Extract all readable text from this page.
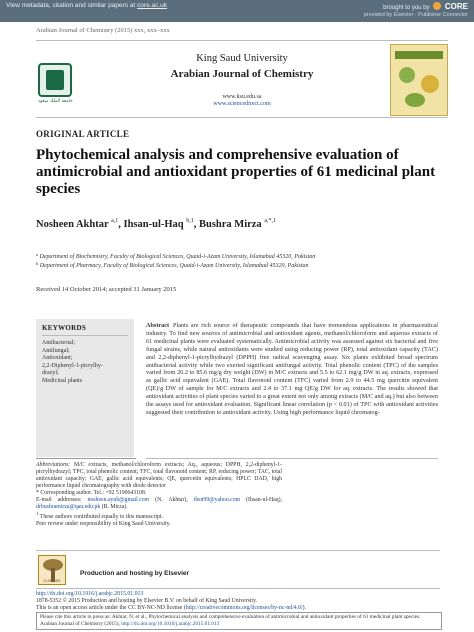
View metadata, citation and similar papers at core.ac.uk	brought to you by CORE
provided by Elsevier - Publisher Connector
Arabian Journal of Chemistry (2015) xxx, xxx–xxx
جامعة الملك سعود
King Saud University
Arabian Journal of Chemistry
www.ksu.edu.sa
www.sciencedirect.com
ORIGINAL ARTICLE
Phytochemical analysis and comprehensive evaluation of antimicrobial and antioxidant properties of 61 medicinal plant species
Nosheen Akhtar $^{a,1}$, Ihsan-ul-Haq $^{b,1}$, Bushra Mirza $^{a,*,1}$
$^a$ Department of Biochemistry, Faculty of Biological Sciences, Quaid-i-Azam University, Islamabad 45320, Pakistan
$^b$ Department of Pharmacy, Faculty of Biological Sciences, Quaid-i-Azam University, Islamabad 45320, Pakistan
Received 14 October 2014; accepted 31 January 2015
KEYWORDS
Antibacterial;
Antifungal;
Antioxidant;
2,2-Diphenyl-1-picrylhy-
drazyl;
Medicinal plants
Abstract Plants are rich source of therapeutic compounds that have tremendous applications in pharmaceutical industry. To find new sources of antimicrobial and antioxidant agents, methanol/chloroform and aqueous extracts of 61 medicinal plants were evaluated systematically. Antimicrobial activity was assessed against six bacterial and five fungal strains, while natural antioxidants were studied using reducing power (RP), total antioxidant capacity (TAC) and 2,2-diphenyl-1-picrylhydrazyl (DPPH) free radical scavenging assay. Six plants exhibited broad spectrum antibacterial activity while two exerted significant antifungal activity. Total phenolic content (TPC) of the samples varied from 20.2 to 85.6 mg/g dry weight (DW) in M/C extracts and 5.5 to 62.1 mg/g DW in aq. extracts, expressed as gallic acid equivalent (GAE). Total flavonoid content (TFC) varied from 2.9 to 44.5 mg quercitin equivalent (QE)/g DW of sample for M/C extracts and 2.4 to 37.1 mg QE/g DW for aq. extracts. The results showed that antioxidant activities of plant species varied to a great extent not only among extracts (M/C and aq.) but also between the assays used for antioxidant evaluation. Significant linear correlation (p < 0.01) of TPC with antioxidant activities suggested their contribution to antioxidant activity. Using high performance liquid chromatog-
Abbreviations: M/C extracts, methanol/chloroform extracts; Aq., aqueous; DPPH, 2,2-diphenyl-1-picrylhydrazyl; TPC, total phenolic content; TFC, total flavonoid content; RP, reducing power; TAC, total antioxidant capacity; GAE, gallic acid equivalents; QE, quercetin equivalents; HPLC DAD, high performance liquid chromatography with diode detector
* Corresponding author. Tel.: +92 5190643108.
E-mail addresses: nosheen.ayub@gmail.com (N. Akhtar), ihsn99@yahoo.com (Ihsan-ul-Haq), drbushramirza@qau.edu.pk (B. Mirza).
$^1$ These authors contributed equally to this manuscript.
Peer review under responsibility of King Saud University.
ELSEVIER
Production and hosting by Elsevier
http://dx.doi.org/10.1016/j.arabjc.2015.01.013
1878-5352 © 2015 Production and hosting by Elsevier B.V. on behalf of King Saud University.
This is an open access article under the CC BY-NC-ND license (http://creativecommons.org/licenses/by-nc-nd/4.0/).
Please cite this article in press as: Akhtar, N. et al., Phytochemical analysis and comprehensive evaluation of antimicrobial and antioxidant properties of 61 medicinal plant species. Arabian Journal of Chemistry (2015), http://dx.doi.org/10.1016/j.arabjc.2015.01.013
